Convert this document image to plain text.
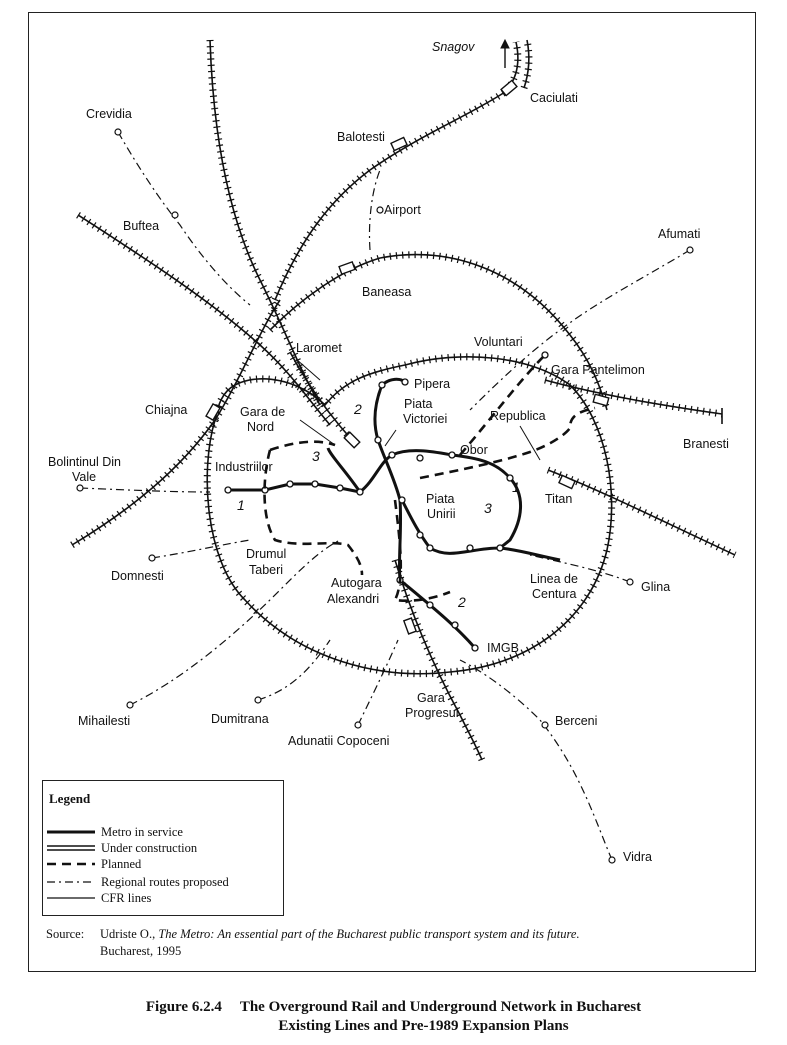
Snagov
Caciulati
Crevidia
Balotesti
Airport
Buftea
Afumati
Baneasa
Laromet	Voluntari
Pipera
Gara Pantelimon
Chiajna	Gara de
Nord
Piata
Victoriei	Republica
Branesti
Bolintinul Din
Vale
Industriilor
Obor
Piata
Unirii
Titan
Drumul
Taberi
Domnesti	Linea de
Centura	Glina
Autogara
Alexandri
IMGB
Gara
Progresul
Mihailesti	Dumitrana	Berceni
Adunatii Copoceni
Vidra
1
1
2
2
3
3
Legend
Metro in service
Under construction
Planned
Regional routes proposed
CFR lines
Source: Udriste O., The Metro: An essential part of the Bucharest public transport system and its future.
Bucharest, 1995
Figure 6.2.4 The Overground Rail and Underground Network in Bucharest
Existing Lines and Pre-1989 Expansion Plans
